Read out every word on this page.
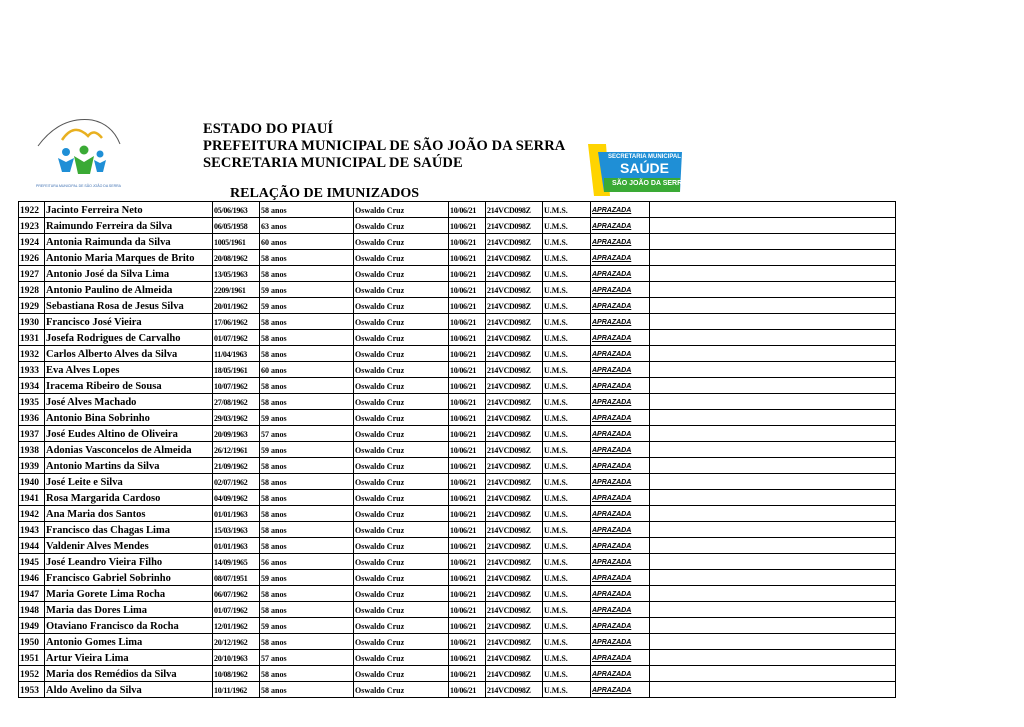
PREFEITURA MUNICIPAL DE SÃO JOÃO DA SERRA
ESTADO DO PIAUÍ
PREFEITURA MUNICIPAL DE SÃO JOÃO DA SERRA
SECRETARIA MUNICIPAL DE SAÚDE
RELAÇÃO DE IMUNIZADOS
SECRETARIA MUNICIPAL DE
SAÚDE
SÃO JOÃO DA SERRA
1922	Jacinto Ferreira Neto	05/06/1963	58 anos	Oswaldo Cruz	10/06/21	214VCD098Z	U.M.S.	APRAZADA	
1923	Raimundo Ferreira da Silva	06/05/1958	63 anos	Oswaldo Cruz	10/06/21	214VCD098Z	U.M.S.	APRAZADA	
1924	Antonia Raimunda da Silva	1005/1961	60 anos	Oswaldo Cruz	10/06/21	214VCD098Z	U.M.S.	APRAZADA	
1926	Antonio Maria Marques de Brito	20/08/1962	58 anos	Oswaldo Cruz	10/06/21	214VCD098Z	U.M.S.	APRAZADA	
1927	Antonio José da Silva Lima	13/05/1963	58 anos	Oswaldo Cruz	10/06/21	214VCD098Z	U.M.S.	APRAZADA	
1928	Antonio Paulino de Almeida	2209/1961	59 anos	Oswaldo Cruz	10/06/21	214VCD098Z	U.M.S.	APRAZADA	
1929	Sebastiana Rosa de Jesus Silva	20/01/1962	59 anos	Oswaldo Cruz	10/06/21	214VCD098Z	U.M.S.	APRAZADA	
1930	Francisco José Vieira	17/06/1962	58 anos	Oswaldo Cruz	10/06/21	214VCD098Z	U.M.S.	APRAZADA	
1931	Josefa Rodrigues de Carvalho	01/07/1962	58 anos	Oswaldo Cruz	10/06/21	214VCD098Z	U.M.S.	APRAZADA	
1932	Carlos Alberto Alves da Silva	11/04/1963	58 anos	Oswaldo Cruz	10/06/21	214VCD098Z	U.M.S.	APRAZADA	
1933	Eva Alves Lopes	18/05/1961	60 anos	Oswaldo Cruz	10/06/21	214VCD098Z	U.M.S.	APRAZADA	
1934	Iracema Ribeiro de Sousa	10/07/1962	58 anos	Oswaldo Cruz	10/06/21	214VCD098Z	U.M.S.	APRAZADA	
1935	José Alves Machado	27/08/1962	58 anos	Oswaldo Cruz	10/06/21	214VCD098Z	U.M.S.	APRAZADA	
1936	Antonio Bina Sobrinho	29/03/1962	59 anos	Oswaldo Cruz	10/06/21	214VCD098Z	U.M.S.	APRAZADA	
1937	José Eudes Altino de Oliveira	20/09/1963	57 anos	Oswaldo Cruz	10/06/21	214VCD098Z	U.M.S.	APRAZADA	
1938	Adonias Vasconcelos de Almeida	26/12/1961	59 anos	Oswaldo Cruz	10/06/21	214VCD098Z	U.M.S.	APRAZADA	
1939	Antonio Martins da Silva	21/09/1962	58 anos	Oswaldo Cruz	10/06/21	214VCD098Z	U.M.S.	APRAZADA	
1940	José Leite e Silva	02/07/1962	58 anos	Oswaldo Cruz	10/06/21	214VCD098Z	U.M.S.	APRAZADA	
1941	Rosa Margarida Cardoso	04/09/1962	58 anos	Oswaldo Cruz	10/06/21	214VCD098Z	U.M.S.	APRAZADA	
1942	Ana Maria dos Santos	01/01/1963	58 anos	Oswaldo Cruz	10/06/21	214VCD098Z	U.M.S.	APRAZADA	
1943	Francisco das Chagas Lima	15/03/1963	58 anos	Oswaldo Cruz	10/06/21	214VCD098Z	U.M.S.	APRAZADA	
1944	Valdenir Alves Mendes	01/01/1963	58 anos	Oswaldo Cruz	10/06/21	214VCD098Z	U.M.S.	APRAZADA	
1945	José Leandro Vieira Filho	14/09/1965	56 anos	Oswaldo Cruz	10/06/21	214VCD098Z	U.M.S.	APRAZADA	
1946	Francisco Gabriel Sobrinho	08/07/1951	59 anos	Oswaldo Cruz	10/06/21	214VCD098Z	U.M.S.	APRAZADA	
1947	Maria Gorete Lima Rocha	06/07/1962	58 anos	Oswaldo Cruz	10/06/21	214VCD098Z	U.M.S.	APRAZADA	
1948	Maria das Dores Lima	01/07/1962	58 anos	Oswaldo Cruz	10/06/21	214VCD098Z	U.M.S.	APRAZADA	
1949	Otaviano Francisco da Rocha	12/01/1962	59 anos	Oswaldo Cruz	10/06/21	214VCD098Z	U.M.S.	APRAZADA	
1950	Antonio Gomes Lima	20/12/1962	58 anos	Oswaldo Cruz	10/06/21	214VCD098Z	U.M.S.	APRAZADA	
1951	Artur Vieira Lima	20/10/1963	57 anos	Oswaldo Cruz	10/06/21	214VCD098Z	U.M.S.	APRAZADA	
1952	Maria dos Remédios da Silva	10/08/1962	58 anos	Oswaldo Cruz	10/06/21	214VCD098Z	U.M.S.	APRAZADA	
1953	Aldo Avelino da Silva	10/11/1962	58 anos	Oswaldo Cruz	10/06/21	214VCD098Z	U.M.S.	APRAZADA	
